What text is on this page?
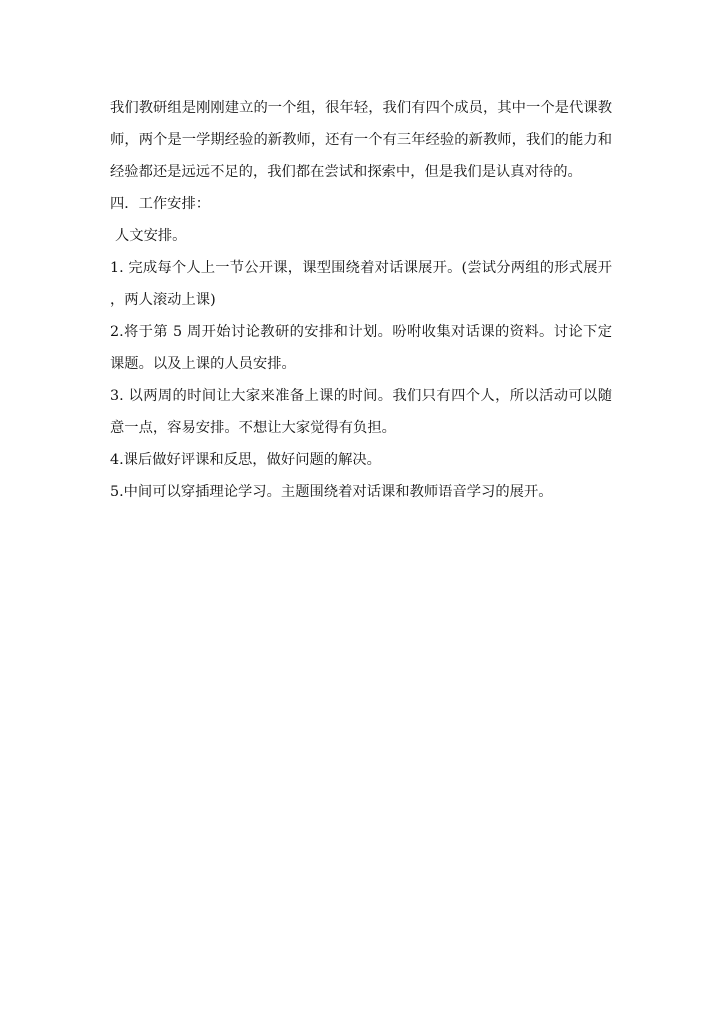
我们教研组是刚刚建立的一个组，很年轻，我们有四个成员，其中一个是代课教师，两个是一学期经验的新教师，还有一个有三年经验的新教师，我们的能力和经验都还是远远不足的，我们都在尝试和探索中，但是我们是认真对待的。

四．工作安排：

人文安排。

1. 完成每个人上一节公开课，课型围绕着对话课展开。(尝试分两组的形式展开，两人滚动上课)

2.将于第 5 周开始讨论教研的安排和计划。吩咐收集对话课的资料。讨论下定课题。以及上课的人员安排。

3. 以两周的时间让大家来准备上课的时间。我们只有四个人，所以活动可以随意一点，容易安排。不想让大家觉得有负担。

4.课后做好评课和反思，做好问题的解决。

5.中间可以穿插理论学习。主题围绕着对话课和教师语音学习的展开。
